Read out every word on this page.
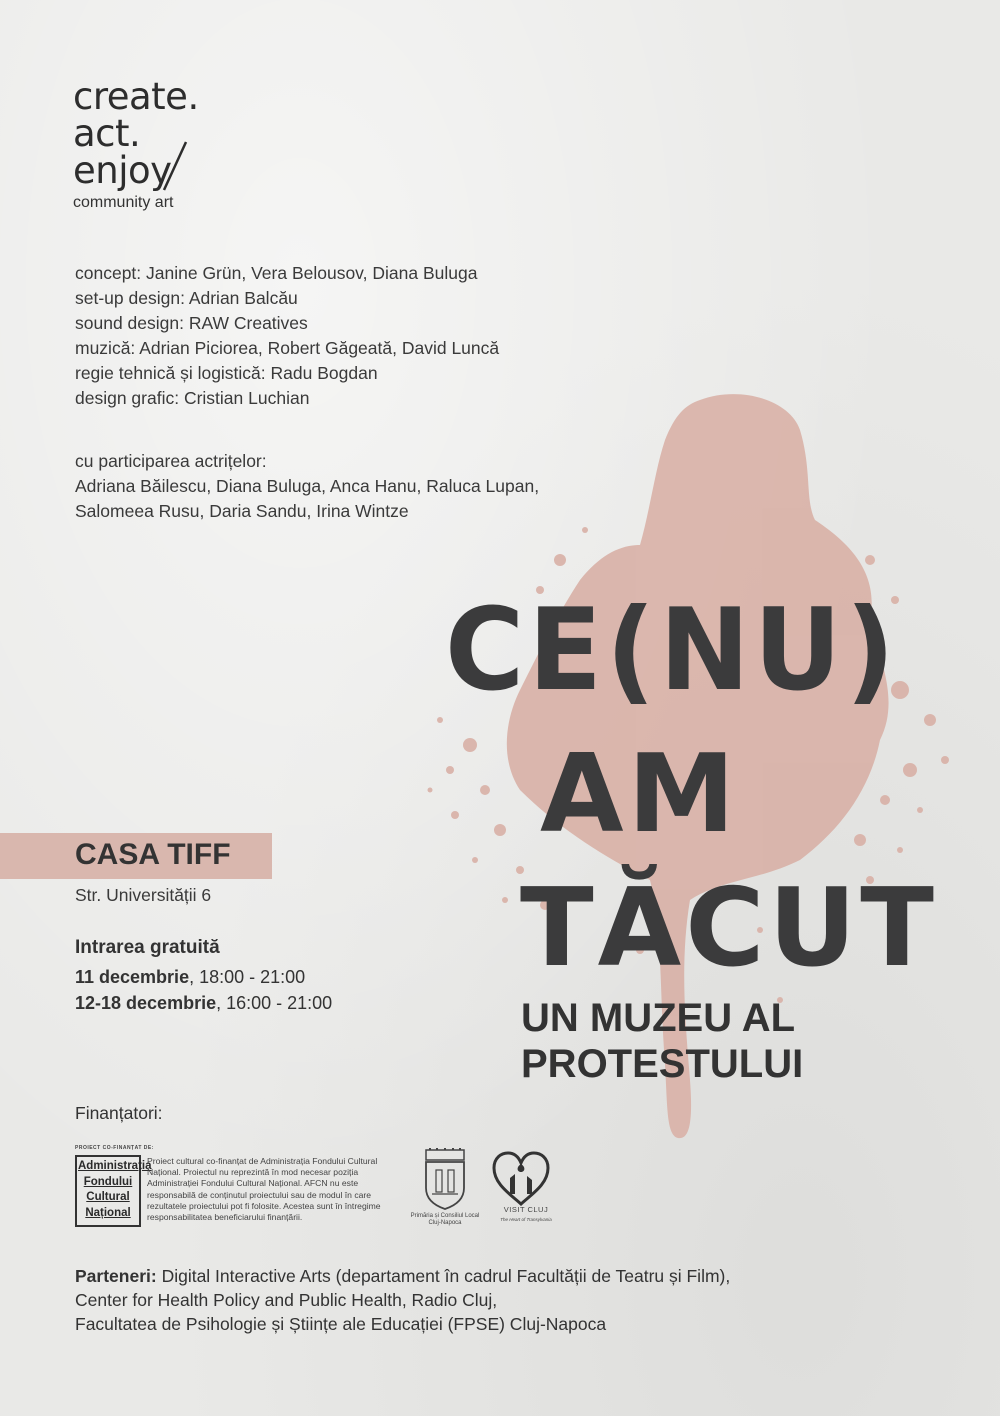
create.
act.
enjoy
community art
concept: Janine Grün, Vera Belousov, Diana Buluga
set-up design: Adrian Balcău
sound design: RAW Creatives
muzică: Adrian Piciorea, Robert Găgeată, David Luncă
regie tehnică și logistică: Radu Bogdan
design grafic: Cristian Luchian
cu participarea actrițelor:
Adriana Băilescu, Diana Buluga, Anca Hanu, Raluca Lupan,
Salomeea Rusu, Daria Sandu, Irina Wintze
CE(NU)
AM
TĂCUT
UN MUZEU AL
PROTESTULUI
CASA TIFF
Str. Universității 6
Intrarea gratuită
11 decembrie, 18:00 - 21:00
12-18 decembrie, 16:00 - 21:00
Finanțatori:
PROIECT CO-FINANȚAT DE:
Administrația
Fondului
Cultural
Național
Proiect cultural co-finanțat de Administrația Fondului Cultural Național. Proiectul nu reprezintă în mod necesar poziția Administrației Fondului Cultural Național. AFCN nu este responsabilă de conținutul proiectului sau de modul în care rezultatele proiectului pot fi folosite. Acestea sunt în întregime responsabilitatea beneficiarului finanțării.	Primăria și Consiliul Local Cluj-Napoca
VISIT CLUJ
The Heart of Transylvania
Parteneri: Digital Interactive Arts (departament în cadrul Facultății de Teatru și Film),
Center for Health Policy and Public Health, Radio Cluj,
Facultatea de Psihologie și Științe ale Educației (FPSE) Cluj-Napoca
